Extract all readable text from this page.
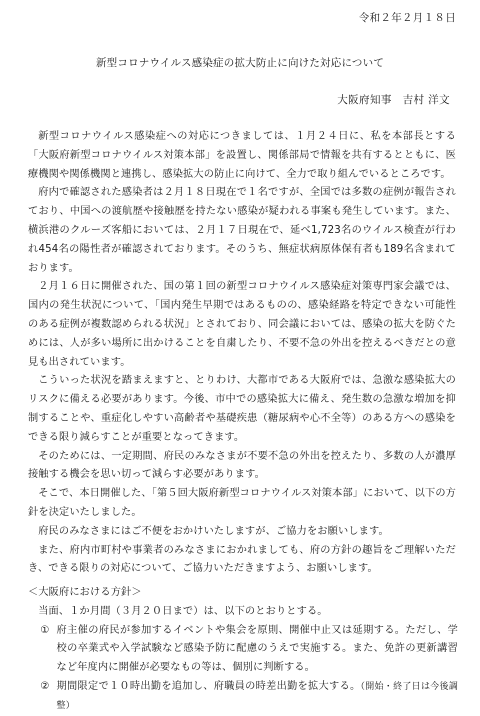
令和２年２月１８日
新型コロナウイルス感染症の拡大防止に向けた対応について
大阪府知事　吉村 洋文

新型コロナウイルス感染症への対応につきましては、１月２４日に、私を本部長とする「大阪府新型コロナウイルス対策本部」を設置し、関係部局で情報を共有するとともに、医療機関や関係機関と連携し、感染拡大の防止に向けて、全力で取り組んでいるところです。

府内で確認された感染者は２月１８日現在で１名ですが、全国では多数の症例が報告されており、中国への渡航歴や接触歴を持たない感染が疑われる事案も発生しています。また、横浜港のクルーズ客船においては、２月１７日現在で、延べ1,723名のウイルス検査が行われ454名の陽性者が確認されております。そのうち、無症状病原体保有者も189名含まれております。

２月１６日に開催された、国の第１回の新型コロナウイルス感染症対策専門家会議では、国内の発生状況について、「国内発生早期ではあるものの、感染経路を特定できない可能性のある症例が複数認められる状況」とされており、同会議においては、感染の拡大を防ぐためには、人が多い場所に出かけることを自粛したり、不要不急の外出を控えるべきだとの意見も出されています。

こういった状況を踏まえますと、とりわけ、大都市である大阪府では、急激な感染拡大のリスクに備える必要があります。今後、市中での感染拡大に備え、発生数の急激な増加を抑制することや、重症化しやすい高齢者や基礎疾患（糖尿病や心不全等）のある方への感染をできる限り減らすことが重要となってきます。

そのためには、一定期間、府民のみなさまが不要不急の外出を控えたり、多数の人が濃厚接触する機会を思い切って減らす必要があります。

そこで、本日開催した、「第５回大阪府新型コロナウイルス対策本部」において、以下の方針を決定いたしました。

府民のみなさまにはご不便をおかけいたしますが、ご協力をお願いします。

また、府内市町村や事業者のみなさまにおかれましても、府の方針の趣旨をご理解いただき、できる限りの対応について、ご協力いただきますよう、お願いします。

＜大阪府における方針＞

当面、１か月間（３月２０日まで）は、以下のとおりとする。

① 府主催の府民が参加するイベントや集会を原則、開催中止又は延期する。ただし、学校の卒業式や入学試験など感染予防に配慮のうえで実施する。また、免許の更新講習など年度内に開催が必要なもの等は、個別に判断する。
② 期間限定で１０時出勤を追加し、府職員の時差出勤を拡大する。（開始・終了日は今後調整）
